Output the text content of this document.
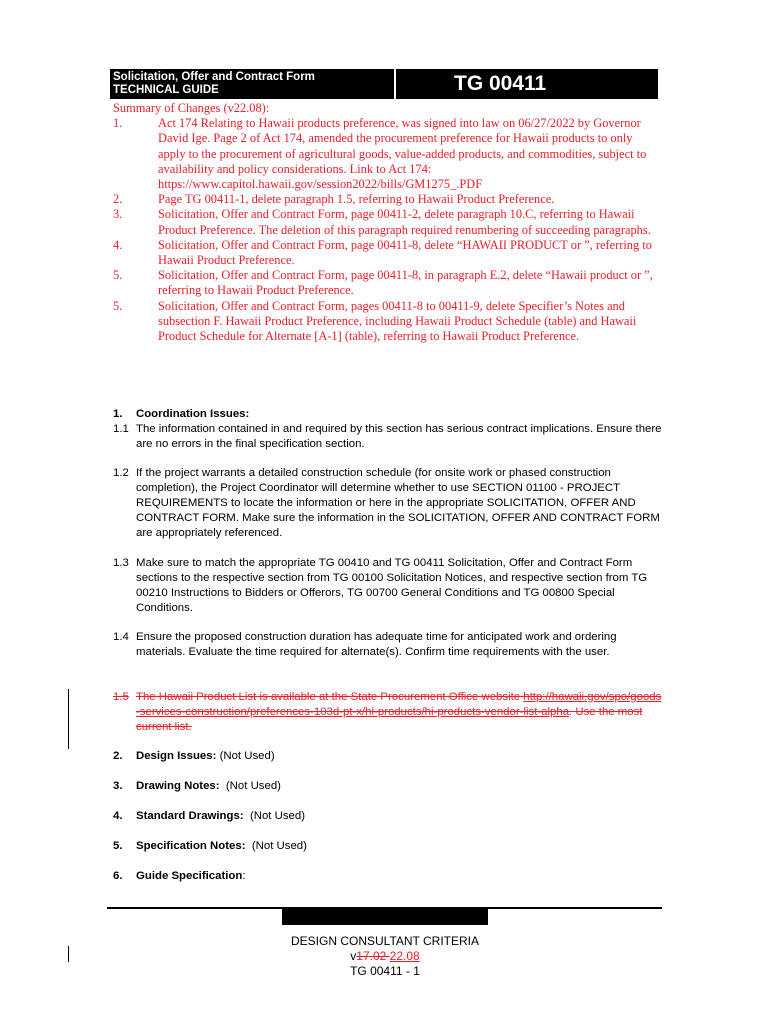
Solicitation, Offer and Contract Form
TECHNICAL GUIDE	TG 00411

Summary of Changes (v22.08):

1.	Act 174 Relating to Hawaii products preference, was signed into law on 06/27/2022 by Governor David Ige. Page 2 of Act 174, amended the procurement preference for Hawaii products to only apply to the procurement of agricultural goods, value-added products, and commodities, subject to availability and policy considerations. Link to Act 174: https://www.capitol.hawaii.gov/session2022/bills/GM1275_.PDF
2.	Page TG 00411-1, delete paragraph 1.5, referring to Hawaii Product Preference.
3.	Solicitation, Offer and Contract Form, page 00411-2, delete paragraph 10.C, referring to Hawaii Product Preference. The deletion of this paragraph required renumbering of succeeding paragraphs.
4.	Solicitation, Offer and Contract Form, page 00411-8, delete “HAWAII PRODUCT or ”, referring to Hawaii Product Preference.
5.	Solicitation, Offer and Contract Form, page 00411-8, in paragraph E.2, delete “Hawaii product or ”, referring to Hawaii Product Preference.
5.	Solicitation, Offer and Contract Form, pages 00411-8 to 00411-9, delete Specifier’s Notes and subsection F. Hawaii Product Preference, including Hawaii Product Schedule (table) and Hawaii Product Schedule for Alternate [A-1] (table), referring to Hawaii Product Preference.
1.	Coordination Issues:
1.1 The information contained in and required by this section has serious contract implications. Ensure there are no errors in the final specification section.
1.2 If the project warrants a detailed construction schedule (for onsite work or phased construction completion), the Project Coordinator will determine whether to use SECTION 01100 - PROJECT REQUIREMENTS to locate the information or here in the appropriate SOLICITATION, OFFER AND CONTRACT FORM. Make sure the information in the SOLICITATION, OFFER AND CONTRACT FORM are appropriately referenced.
1.3 Make sure to match the appropriate TG 00410 and TG 00411 Solicitation, Offer and Contract Form sections to the respective section from TG 00100 Solicitation Notices, and respective section from TG 00210 Instructions to Bidders or Offerors, TG 00700 General Conditions and TG 00800 Special Conditions.
1.4 Ensure the proposed construction duration has adequate time for anticipated work and ordering materials. Evaluate the time required for alternate(s). Confirm time requirements with the user.
1.5 The Hawaii Product List is available at the State Procurement Office website http://hawaii.gov/spo/goods-services-construction/preferences-103d-pt-x/hi-products/hi-products-vendor-list-alpha. Use the most current list.
2.	Design Issues: (Not Used)
3.	Drawing Notes: (Not Used)
4.	Standard Drawings: (Not Used)
5.	Specification Notes: (Not Used)
6.	Guide Specification:
DESIGN CONSULTANT CRITERIA
v17.02 22.08
TG 00411 - 1
